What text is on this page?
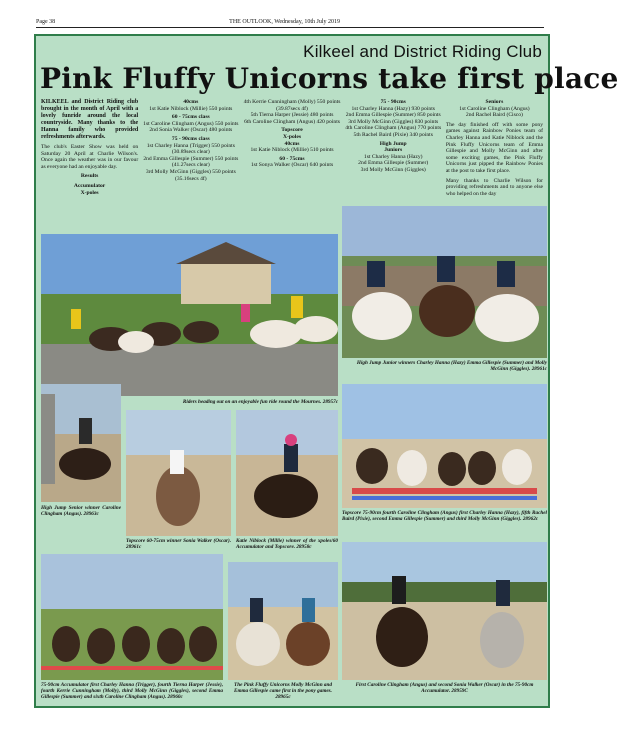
Page 38	THE OUTLOOK, Wednesday, 10th July 2019
Kilkeel and District Riding Club
Pink Fluffy Unicorns take first place

KILKEEL and District Riding club brought in the month of April with a lovely funride around the local countryside. Many thanks to the Hanna family who provided refreshments afterwards.

The club's Easter Show was held on Saturday 20 April at Charlie Wilson's. Once again the weather was in our favour as everyone had an enjoyable day.

Results

Accumulator
X-poles
40cms
1st Katie Niblock (Millie) 550 points
60 - 75cms class
1st Caroline Clingham (Angus) 550 points
2nd Sonia Walker (Oscar) 480 points
75 - 90cms class
1st Charley Hanna (Trigger) 550 points (30.89secs clear)
2nd Emma Gillespie (Summer) 550 points (41.27secs clear)
3rd Molly McGinn (Giggles) 550 points (35.16secs 4f)
4th Kerrie Cunningham (Molly) 550 points (39.87secs 4f)
5th Tierna Harper (Jessie) 480 points
6th Caroline Clingham (Angus) 420 points
Topscore
X-poles
40cms
1st Katie Niblock (Millie) 510 points
60 - 75cms
1st Sonya Walker (Oscar) 640 points
75 - 90cms
1st Charley Hanna (Hazy) 930 points
2nd Emma Gillespie (Summer) 850 points
3rd Molly McGinn (Giggles) 830 points
4th Caroline Clingham (Angus) 770 points
5th Rachel Baird (Pixie) 340 points
High Jump
Juniors
1st Charley Hanna (Hazy)
2nd Emma Gillespie (Summer)
3rd Molly McGinn (Giggles)
Seniors
1st Caroline Clingham (Angus)
2nd Rachel Baird (Cisco)

The day finished off with some pony games against Rainbow Ponies team of Charley Hanna and Katie Niblock and the Pink Fluffy Unicorns team of Emma Gillespie and Molly McGinn and after some exciting games, the Pink Fluffy Unicorns just pipped the Rainbow Ponies at the post to take first place.

Many thanks to Charlie Wilson for providing refreshments and to anyone else who helped on the day

Riders heading out on an enjoyable fun ride round the Mournes. 28957c
High Jump Junior winners Charley Hanna (Hazy) Emma Gillespie (Summer) and Molly McGinn (Giggles). 28961c
High Jump Senior winner Caroline Clingham (Angus). 28963c
Topscore 60-75cm winner Sonia Walker (Oscar). 28961c
Katie Niblock (Millie) winner of the xpoles/60 Accumulator and Topscore. 28958c
Topscore 75-90cm fourth Caroline Clingham (Angus) first Charley Hanna (Hazy), fifth Rachel Baird (Pixie), second Emma Gillespie (Summer) and third Molly McGinn (Giggles). 28962c
75-90cm Accumulator first Charley Hanna (Trigger), fourth Tierna Harper (Jessie), fourth Kerrie Cunningham (Molly), third Molly McGinn (Giggles), second Emma Gillespie (Summer) and sixth Caroline Clingham (Angus). 28960c
The Pink Fluffy Unicorns Molly McGinn and Emma Gillespie came first in the pony games. 28965c
First Caroline Clingham (Angus) and second Sonia Walker (Oscar) in the 75-90cm Accumulator. 28959C
